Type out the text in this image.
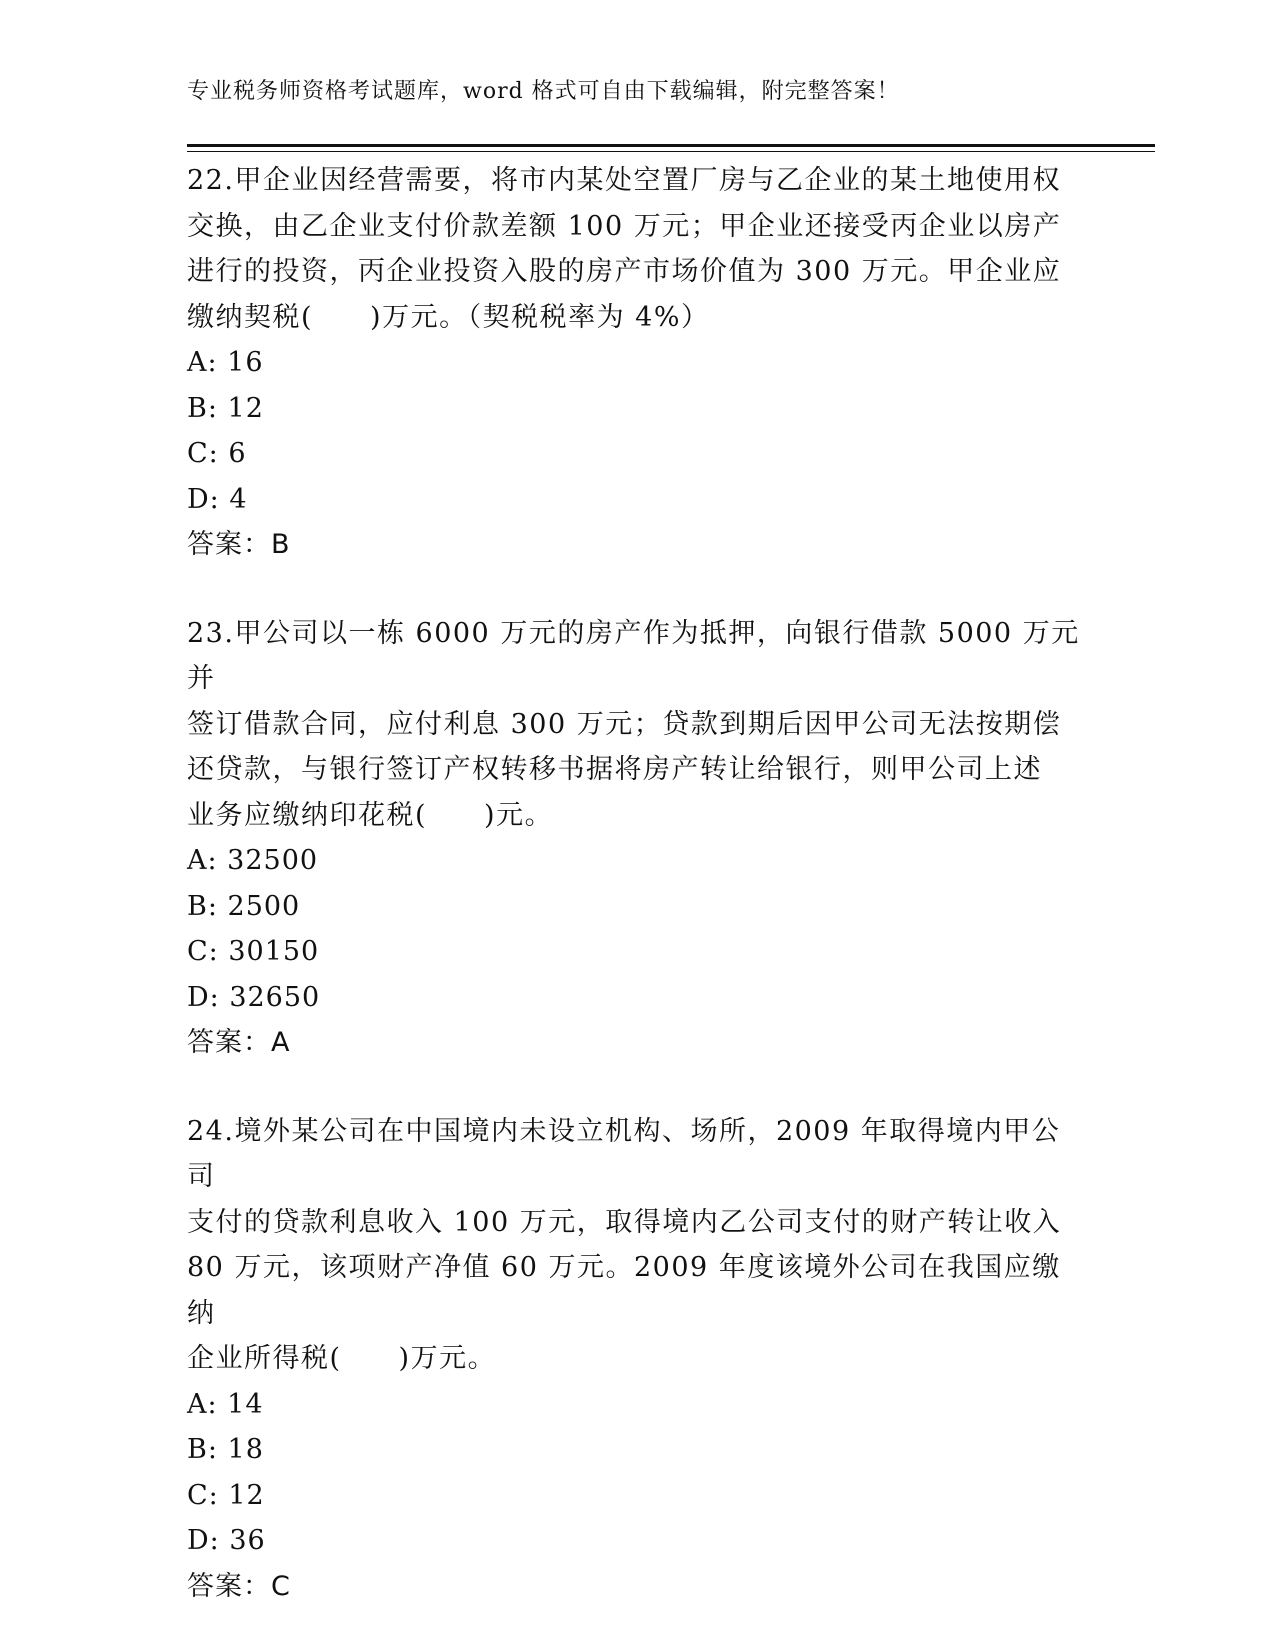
专业税务师资格考试题库，word 格式可自由下载编辑，附完整答案！

22.甲企业因经营需要，将市内某处空置厂房与乙企业的某土地使用权

交换，由乙企业支付价款差额 100 万元；甲企业还接受丙企业以房产

进行的投资，丙企业投资入股的房产市场价值为 300 万元。甲企业应

缴纳契税(　　)万元。（契税税率为 4%）

A: 16

B: 12

C: 6

D: 4

答案：B

23.甲公司以一栋 6000 万元的房产作为抵押，向银行借款 5000 万元并

签订借款合同，应付利息 300 万元；贷款到期后因甲公司无法按期偿

还贷款，与银行签订产权转移书据将房产转让给银行，则甲公司上述

业务应缴纳印花税(　　)元。

A: 32500

B: 2500

C: 30150

D: 32650

答案：A

24.境外某公司在中国境内未设立机构、场所，2009 年取得境内甲公司

支付的贷款利息收入 100 万元，取得境内乙公司支付的财产转让收入

80 万元，该项财产净值 60 万元。2009 年度该境外公司在我国应缴纳

企业所得税(　　)万元。

A: 14

B: 18

C: 12

D: 36

答案：C
